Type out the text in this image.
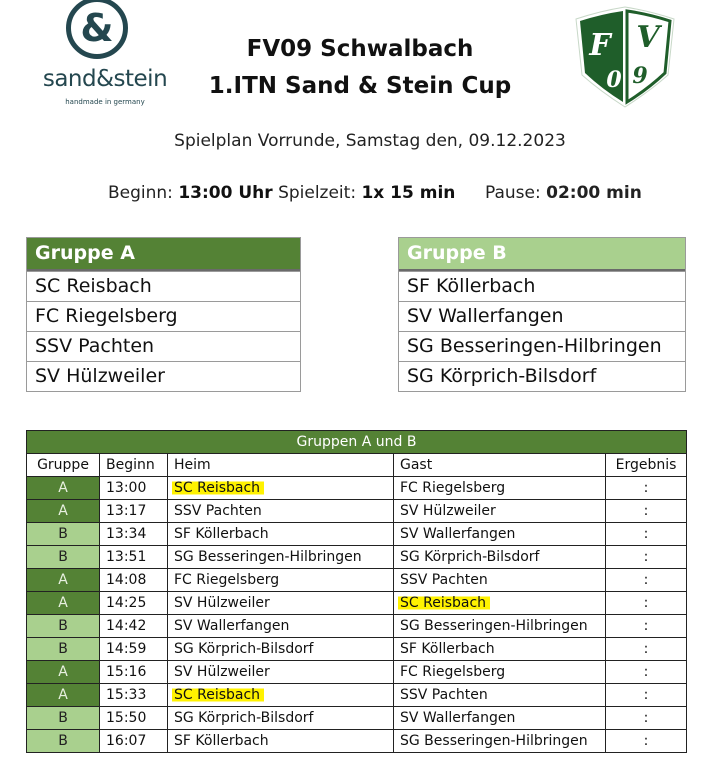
&
sand&stein
handmade in germany
F V
0 9
FV09 Schwalbach
1.ITN Sand & Stein Cup
Spielplan Vorrunde, Samstag den, 09.12.2023
Beginn: 13:00 Uhr Spielzeit: 1x 15 min Pause: 02:00 min
Gruppe A
SC Reisbach
FC Riegelsberg
SSV Pachten
SV Hülzweiler
Gruppe B
SF Köllerbach
SV Wallerfangen
SG Besseringen-Hilbringen
SG Körprich-Bilsdorf
Gruppen A und B				
Gruppe	Beginn	Heim	Gast	Ergebnis
A	13:00	SC Reisbach	FC Riegelsberg	:
A	13:17	SSV Pachten	SV Hülzweiler	:
B	13:34	SF Köllerbach	SV Wallerfangen	:
B	13:51	SG Besseringen-Hilbringen	SG Körprich-Bilsdorf	:
A	14:08	FC Riegelsberg	SSV Pachten	:
A	14:25	SV Hülzweiler	SC Reisbach	:
B	14:42	SV Wallerfangen	SG Besseringen-Hilbringen	:
B	14:59	SG Körprich-Bilsdorf	SF Köllerbach	:
A	15:16	SV Hülzweiler	FC Riegelsberg	:
A	15:33	SC Reisbach	SSV Pachten	:
B	15:50	SG Körprich-Bilsdorf	SV Wallerfangen	:
B	16:07	SF Köllerbach	SG Besseringen-Hilbringen	:
